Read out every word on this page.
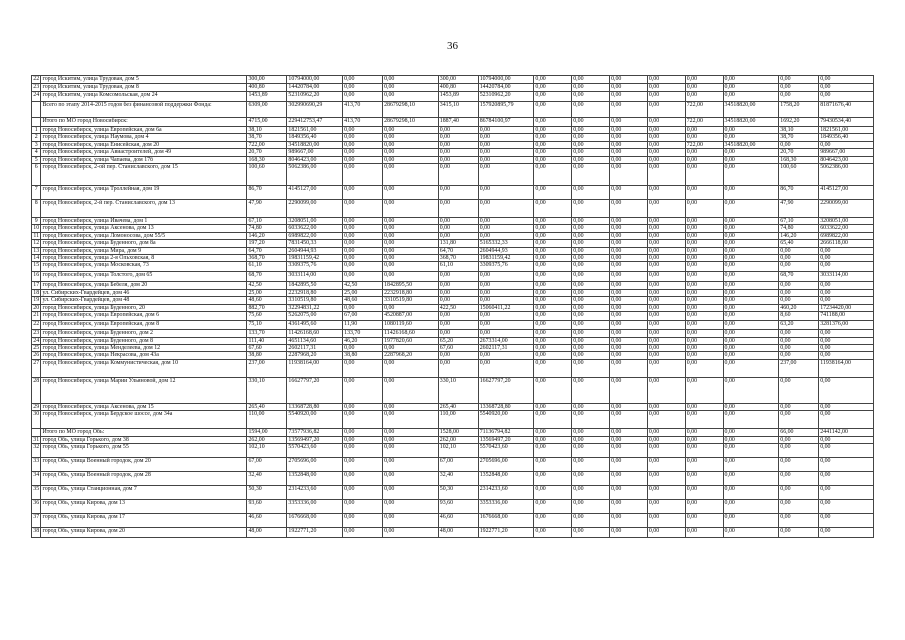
36
22	город Искитим, улица Трудовая, дом 5	300,00	10794000,00	0,00	0,00	300,00	10794000,00	0,00	0,00	0,00	0,00	0,00	0,00	0,00	0,00
23	город Искитим, улица Трудовая, дом 8	400,80	14420784,00	0,00	0,00	400,80	14420784,00	0,00	0,00	0,00	0,00	0,00	0,00	0,00	0,00
24	город Искитим, улица Комсомольская, дом 24	1453,89	52310962,20	0,00	0,00	1453,89	52310962,20	0,00	0,00	0,00	0,00	0,00	0,00	0,00	0,00
	Всего по этапу 2014-2015 годов без финансовой поддержки Фонда:	6309,00	302990690,29	413,70	28679298,10	3415,10	157920895,79	0,00	0,00	0,00	0,00	722,00	34518820,00	1758,20	81871676,40
	Итого по МО город Новосибирск:	4715,00	229412753,47	413,70	28679298,10	1887,40	86784100,97	0,00	0,00	0,00	0,00	722,00	34518820,00	1692,20	79430534,40
1	город Новосибирск, улица Европейская, дом 6а	38,10	1821561,00	0,00	0,00	0,00	0,00	0,00	0,00	0,00	0,00	0,00	0,00	38,10	1821561,00
2	город Новосибирск, улица Наумова, дом 4	38,70	1849356,40	0,00	0,00	0,00	0,00	0,00	0,00	0,00	0,00	0,00	0,00	38,70	1849356,40
3	город Новосибирск, улица Енисейская, дом 20	722,00	34518820,00	0,00	0,00	0,00	0,00	0,00	0,00	0,00	0,00	722,00	34518820,00	0,00	0,00
4	город Новосибирск, улица Авиастроителей, дом 49	20,70	989667,00	0,00	0,00	0,00	0,00	0,00	0,00	0,00	0,00	0,00	0,00	20,70	989667,00
5	город Новосибирск, улица Чапаева, дом 17б	168,30	8046423,00	0,00	0,00	0,00	0,00	0,00	0,00	0,00	0,00	0,00	0,00	168,30	8046423,00
6	город Новосибирск, 2-ой пер. Станиславского, дом 15	100,60	5062386,00	0,00	0,00	0,00	0,00	0,00	0,00	0,00	0,00	0,00	0,00	100,60	5062386,00
7	город Новосибирск, улица Троллейная, дом 19	86,70	4145127,00	0,00	0,00	0,00	0,00	0,00	0,00	0,00	0,00	0,00	0,00	86,70	4145127,00
8	город Новосибирск, 2-й пер. Станиславского, дом 13	47,90	2290099,00	0,00	0,00	0,00	0,00	0,00	0,00	0,00	0,00	0,00	0,00	47,90	2290099,00
9	город Новосибирск, улица Ивачева, дом 1	67,10	3208051,00	0,00	0,00	0,00	0,00	0,00	0,00	0,00	0,00	0,00	0,00	67,10	3208051,00
10	город Новосибирск, улица Аксенова, дом 13	74,80	6033622,00	0,00	0,00	0,00	0,00	0,00	0,00	0,00	0,00	0,00	0,00	74,80	6033622,00
11	город Новосибирск, улица Ломоносова, дом 55/5	146,20	6989822,00	0,00	0,00	0,00	0,00	0,00	0,00	0,00	0,00	0,00	0,00	146,20	6989822,00
12	город Новосибирск, улица Буденного, дом 8а	197,20	7831450,33	0,00	0,00	131,80	5165332,33	0,00	0,00	0,00	0,00	0,00	0,00	65,40	2666118,00
13	город Новосибирск, улица Мира, дом 9	64,70	2604944,93	0,00	0,00	64,70	2604944,93	0,00	0,00	0,00	0,00	0,00	0,00	0,00	0,00
14	город Новосибирск, улица 2-я Ольховская, 8	368,70	19831159,42	0,00	0,00	368,70	19831159,42	0,00	0,00	0,00	0,00	0,00	0,00	0,00	0,00
15	город Новосибирск, улица Московская, 73	61,10	3309375,76	0,00	0,00	61,10	3309375,76	0,00	0,00	0,00	0,00	0,00	0,00	0,00	0,00
16	город Новосибирск, улица Толстого, дом 65	68,70	3033114,00	0,00	0,00	0,00	0,00	0,00	0,00	0,00	0,00	0,00	0,00	68,70	3033114,00
17	город Новосибирск, улица Бебеля, дом 20	42,50	1842895,50	42,50	1842895,50	0,00	0,00	0,00	0,00	0,00	0,00	0,00	0,00	0,00	0,00
18	ул. Сибирских-Гвардейцев, дом 46	25,00	2232918,80	25,00	2232918,80	0,00	0,00	0,00	0,00	0,00	0,00	0,00	0,00	0,00	0,00
19	ул. Сибирских-Гвардейцев, дом 48	48,60	3310519,80	48,60	3310519,80	0,00	0,00	0,00	0,00	0,00	0,00	0,00	0,00	0,00	0,00
20	город Новосибирск, улица Буденного, 20	882,70	32294831,22	0,00	0,00	422,50	15060411,22	0,00	0,00	0,00	0,00	0,00	0,00	460,20	17234420,00
21	город Новосибирск, улица Европейская, дом 6	75,60	5262075,00	67,00	4520887,00	0,00	0,00	0,00	0,00	0,00	0,00	0,00	0,00	8,60	741188,00
22	город Новосибирск, улица Европейская, дом 8	75,10	4361495,60	11,90	1080119,60	0,00	0,00	0,00	0,00	0,00	0,00	0,00	0,00	63,20	3281376,00
23	город Новосибирск, улица Буденного, дом 2	133,70	11426168,60	133,70	11426168,60	0,00	0,00	0,00	0,00	0,00	0,00	0,00	0,00	0,00	0,00
24	город Новосибирск, улица Буденного, дом 8	111,40	4651134,60	46,20	1977820,60	65,20	2673314,00	0,00	0,00	0,00	0,00	0,00	0,00	0,00	0,00
25	город Новосибирск, улица Менделеева, дом 12	67,60	2602117,31	0,00	0,00	67,60	2602117,31	0,00	0,00	0,00	0,00	0,00	0,00	0,00	0,00
26	город Новосибирск, улица Некрасова, дом 43а	38,80	2287968,20	38,80	2287968,20	0,00	0,00	0,00	0,00	0,00	0,00	0,00	0,00	0,00	0,00
27	город Новосибирск, улица Коммунистическая, дом 10	237,00	11938164,00	0,00	0,00	0,00	0,00	0,00	0,00	0,00	0,00	0,00	0,00	237,00	11938164,00
28	город Новосибирск, улица Марии Ульяновой, дом 12	330,10	16627797,20	0,00	0,00	330,10	16627797,20	0,00	0,00	0,00	0,00	0,00	0,00	0,00	0,00
29	город Новосибирск, улица Аксенова, дом 15	265,40	13368728,80	0,00	0,00	265,40	13368728,80	0,00	0,00	0,00	0,00	0,00	0,00	0,00	0,00
30	город Новосибирск, улица Бердское шоссе, дом 34а	110,00	5540920,00	0,00	0,00	110,00	5540920,00	0,00	0,00	0,00	0,00	0,00	0,00	0,00	0,00
	Итого по МО город Обь:	1594,00	73577936,82	0,00	0,00	1528,00	71136794,82	0,00	0,00	0,00	0,00	0,00	0,00	66,00	2441142,00
31	город Обь, улица Горького, дом 38	262,00	13569497,20	0,00	0,00	262,00	13569497,20	0,00	0,00	0,00	0,00	0,00	0,00	0,00	0,00
32	город Обь, улица Горького, дом 55	102,10	5570423,60	0,00	0,00	102,10	5570423,60	0,00	0,00	0,00	0,00	0,00	0,00	0,00	0,00
33	город Обь, улица Военный городок, дом 20	67,00	2705696,00	0,00	0,00	67,00	2705696,00	0,00	0,00	0,00	0,00	0,00	0,00	0,00	0,00
34	город Обь, улица Военный городок, дом 28	32,40	1352848,00	0,00	0,00	32,40	1352848,00	0,00	0,00	0,00	0,00	0,00	0,00	0,00	0,00
35	город Обь, улица Станционная, дом 7	50,30	2314233,60	0,00	0,00	50,30	2314233,60	0,00	0,00	0,00	0,00	0,00	0,00	0,00	0,00
36	город Обь, улица Кирова, дом 13	93,60	3353336,00	0,00	0,00	93,60	3353336,00	0,00	0,00	0,00	0,00	0,00	0,00	0,00	0,00
37	город Обь, улица Кирова, дом 17	46,60	1676668,00	0,00	0,00	46,60	1676668,00	0,00	0,00	0,00	0,00	0,00	0,00	0,00	0,00
38	город Обь, улица Кирова, дом 20	48,00	1922771,20	0,00	0,00	48,00	1922771,20	0,00	0,00	0,00	0,00	0,00	0,00	0,00	0,00
